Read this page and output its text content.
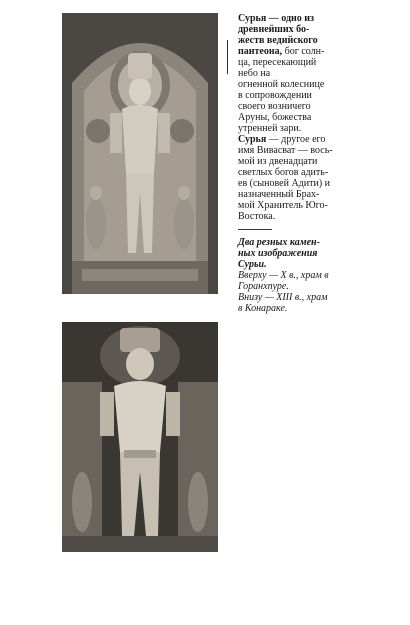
Сурья — одно из
древнейших бо-
жеств ведийского
пантеона, бог солн-
ца, пересекающий
небо на
огненной колеснице
в сопровождении
своего возничего
Аруны, божества
утренней зари.

Сурья — другое его
имя Вивасват — вось-
мой из двенадцати
светлых богов адить-
ев (сыновей Адити) и
назначенный Брах-
мой Хранитель Юго-
Востока.

Два резных камен-

ных изображения

Сурьи.

Вверху — X в., храм в

Горанхпуре.

Внизу — XIII в., храм

в Конараке.
